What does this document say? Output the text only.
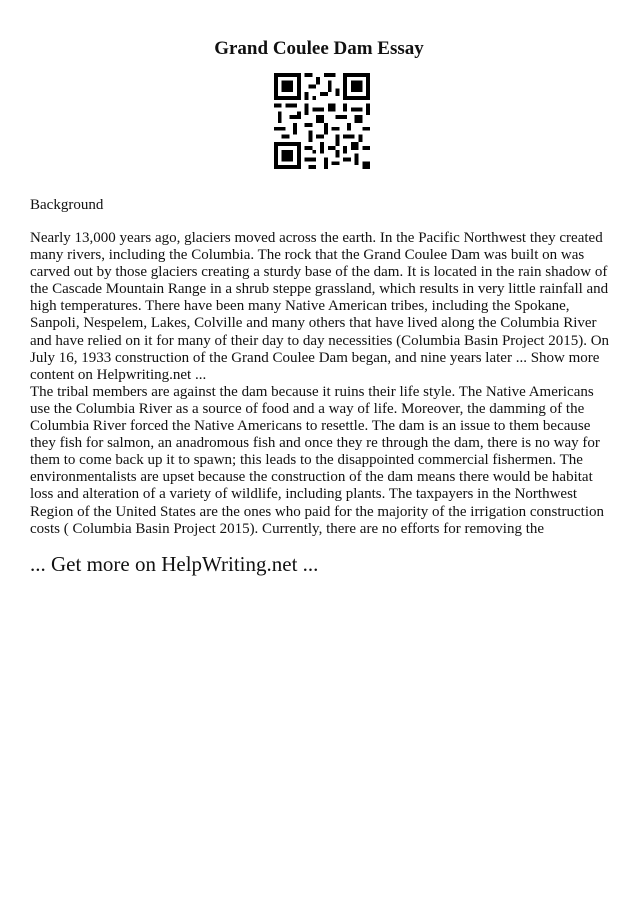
Grand Coulee Dam Essay
Background

Nearly 13,000 years ago, glaciers moved across the earth. In the Pacific Northwest they created many rivers, including the Columbia. The rock that the Grand Coulee Dam was built on was carved out by those glaciers creating a sturdy base of the dam. It is located in the rain shadow of the Cascade Mountain Range in a shrub steppe grassland, which results in very little rainfall and high temperatures. There have been many Native American tribes, including the Spokane, Sanpoli, Nespelem, Lakes, Colville and many others that have lived along the Columbia River and have relied on it for many of their day to day necessities (Columbia Basin Project 2015). On July 16, 1933 construction of the Grand Coulee Dam began, and nine years later ... Show more content on Helpwriting.net ...

The tribal members are against the dam because it ruins their life style. The Native Americans use the Columbia River as a source of food and a way of life. Moreover, the damming of the Columbia River forced the Native Americans to resettle. The dam is an issue to them because they fish for salmon, an anadromous fish and once they re through the dam, there is no way for them to come back up it to spawn; this leads to the disappointed commercial fishermen. The environmentalists are upset because the construction of the dam means there would be habitat loss and alteration of a variety of wildlife, including plants. The taxpayers in the Northwest Region of the United States are the ones who paid for the majority of the irrigation construction costs ( Columbia Basin Project 2015). Currently, there are no efforts for removing the

... Get more on HelpWriting.net ...
